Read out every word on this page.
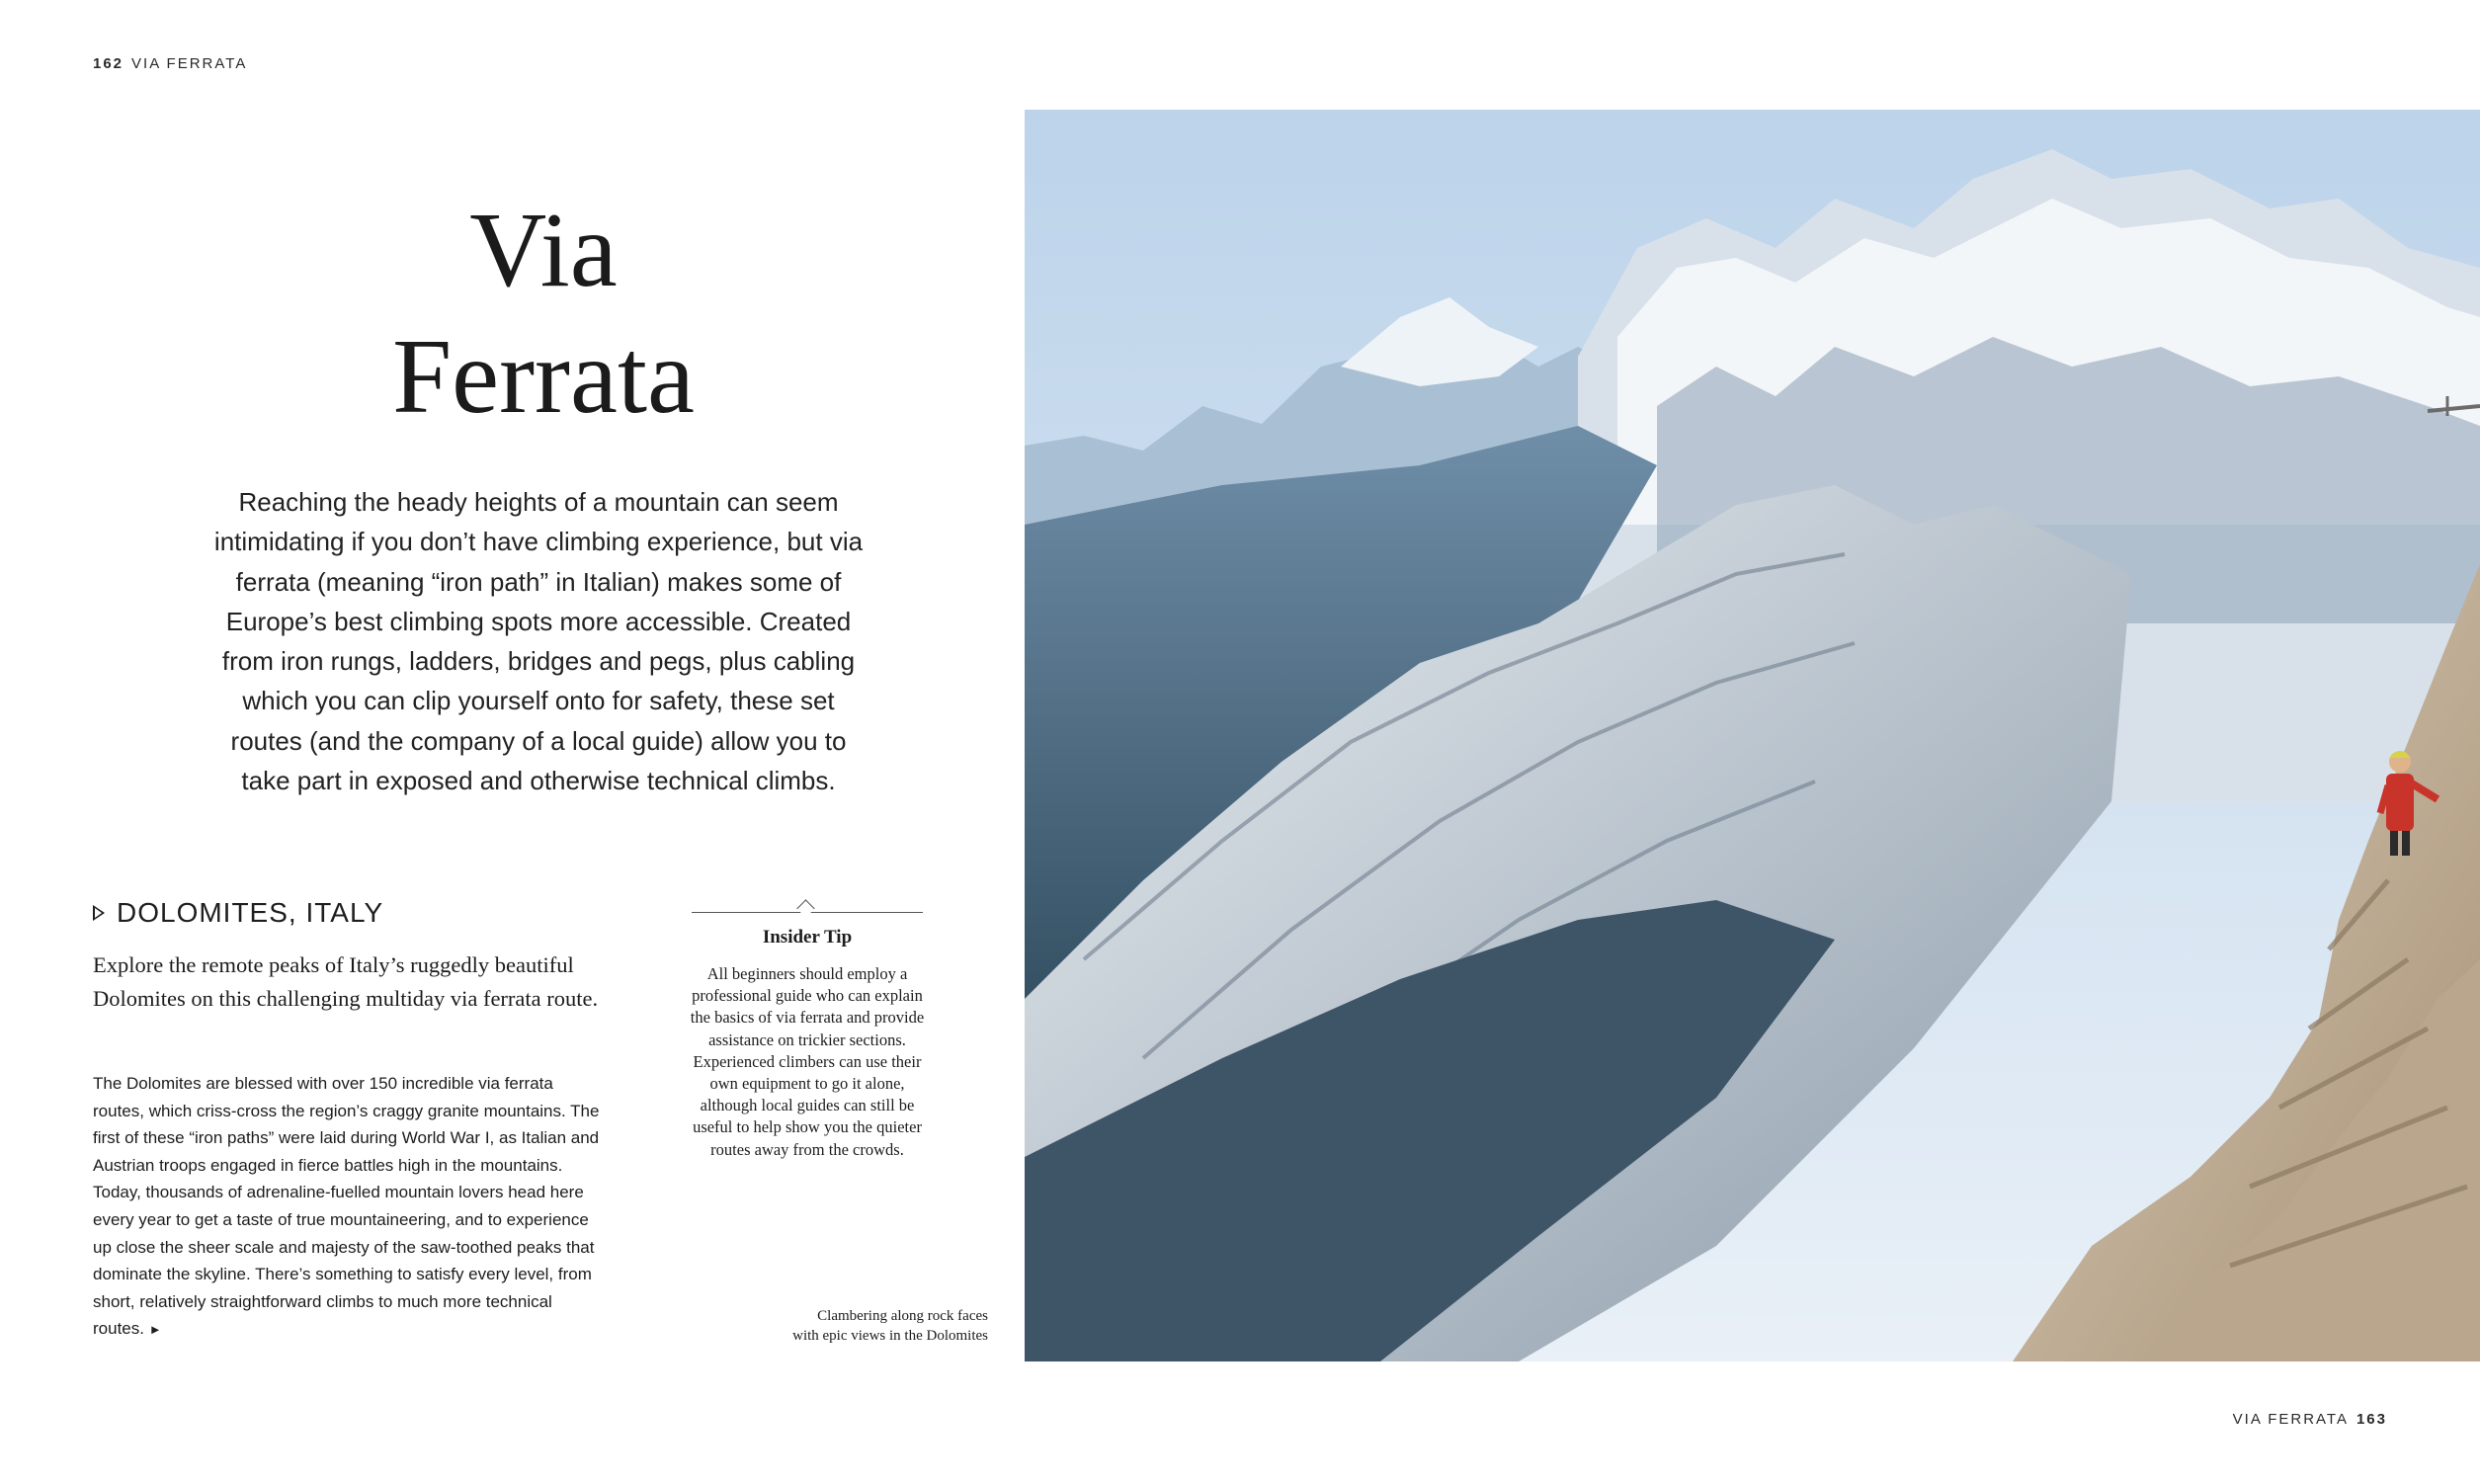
162 VIA FERRATA
Via
Ferrata
Reaching the heady heights of a mountain can seem intimidating if you don’t have climbing experience, but via ferrata (meaning “iron path” in Italian) makes some of Europe’s best climbing spots more accessible. Created from iron rungs, ladders, bridges and pegs, plus cabling which you can clip yourself onto for safety, these set routes (and the company of a local guide) allow you to take part in exposed and otherwise technical climbs.
DOLOMITES, ITALY
Explore the remote peaks of Italy’s ruggedly beautiful Dolomites on this challenging multiday via ferrata route.
The Dolomites are blessed with over 150 incredible via ferrata routes, which criss-cross the region’s craggy granite mountains. The first of these “iron paths” were laid during World War I, as Italian and Austrian troops engaged in fierce battles high in the mountains. Today, thousands of adrenaline-fuelled mountain lovers head here every year to get a taste of true mountaineering, and to experience up close the sheer scale and majesty of the saw-toothed peaks that dominate the skyline. There’s something to satisfy every level, from short, relatively straightforward climbs to much more technical routes. ►
Insider Tip
All beginners should employ a professional guide who can explain the basics of via ferrata and provide assistance on trickier sections. Experienced climbers can use their own equipment to go it alone, although local guides can still be useful to help show you the quieter routes away from the crowds.
Clambering along rock faces with epic views in the Dolomites
VIA FERRATA 163
